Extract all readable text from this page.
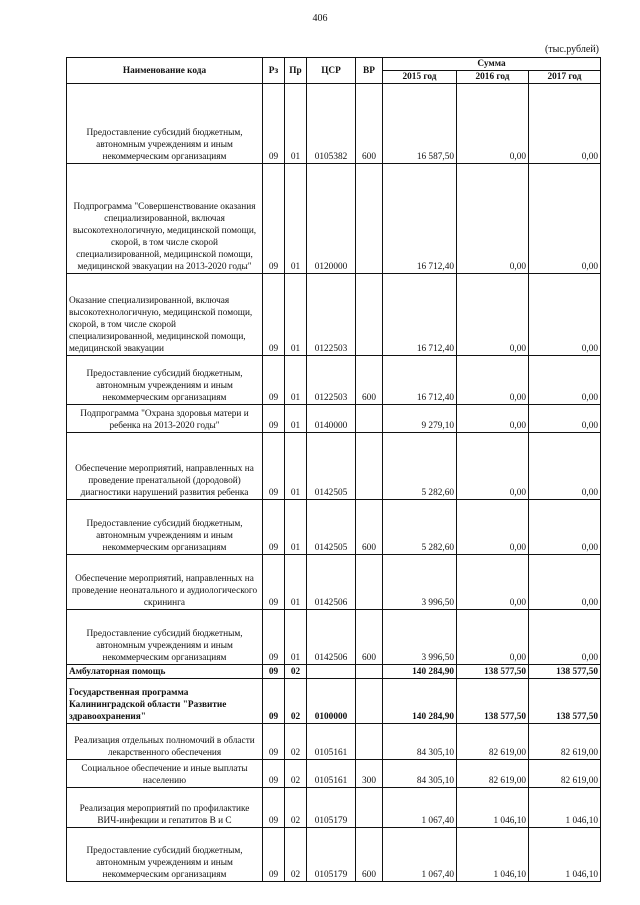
406
(тыс.рублей)
Наименование кода	Рз	Пр	ЦСР	ВР	Сумма		
					2015 год	2016 год	2017 год
Предоставление субсидий бюджетным, автономным учреждениям и иным некоммерческим организациям	09	01	0105382	600	16 587,50	0,00	0,00
Подпрограмма "Совершенствование оказания специализированной, включая высокотехнологичную, медицинской помощи, скорой, в том числе скорой специализированной, медицинской помощи, медицинской эвакуации на 2013-2020 годы"	09	01	0120000		16 712,40	0,00	0,00
Оказание специализированной, включая высокотехнологичную, медицинской помощи, скорой, в том числе скорой специализированной, медицинской помощи, медицинской эвакуации	09	01	0122503		16 712,40	0,00	0,00
Предоставление субсидий бюджетным, автономным учреждениям и иным некоммерческим организациям	09	01	0122503	600	16 712,40	0,00	0,00
Подпрограмма "Охрана здоровья матери и ребенка на 2013-2020 годы"	09	01	0140000		9 279,10	0,00	0,00
Обеспечение мероприятий, направленных на проведение пренатальной (дородовой) диагностики нарушений развития ребенка	09	01	0142505		5 282,60	0,00	0,00
Предоставление субсидий бюджетным, автономным учреждениям и иным некоммерческим организациям	09	01	0142505	600	5 282,60	0,00	0,00
Обеспечение мероприятий, направленных на проведение неонатального и аудиологического скрининга	09	01	0142506		3 996,50	0,00	0,00
Предоставление субсидий бюджетным, автономным учреждениям и иным некоммерческим организациям	09	01	0142506	600	3 996,50	0,00	0,00
Амбулаторная помощь	09	02			140 284,90	138 577,50	138 577,50
Государственная программа Калининградской области "Развитие здравоохранения"	09	02	0100000		140 284,90	138 577,50	138 577,50
Реализация отдельных полномочий в области лекарственного обеспечения	09	02	0105161		84 305,10	82 619,00	82 619,00
Социальное обеспечение и иные выплаты населению	09	02	0105161	300	84 305,10	82 619,00	82 619,00
Реализация мероприятий по профилактике ВИЧ-инфекции и гепатитов В и С	09	02	0105179		1 067,40	1 046,10	1 046,10
Предоставление субсидий бюджетным, автономным учреждениям и иным некоммерческим организациям	09	02	0105179	600	1 067,40	1 046,10	1 046,10
